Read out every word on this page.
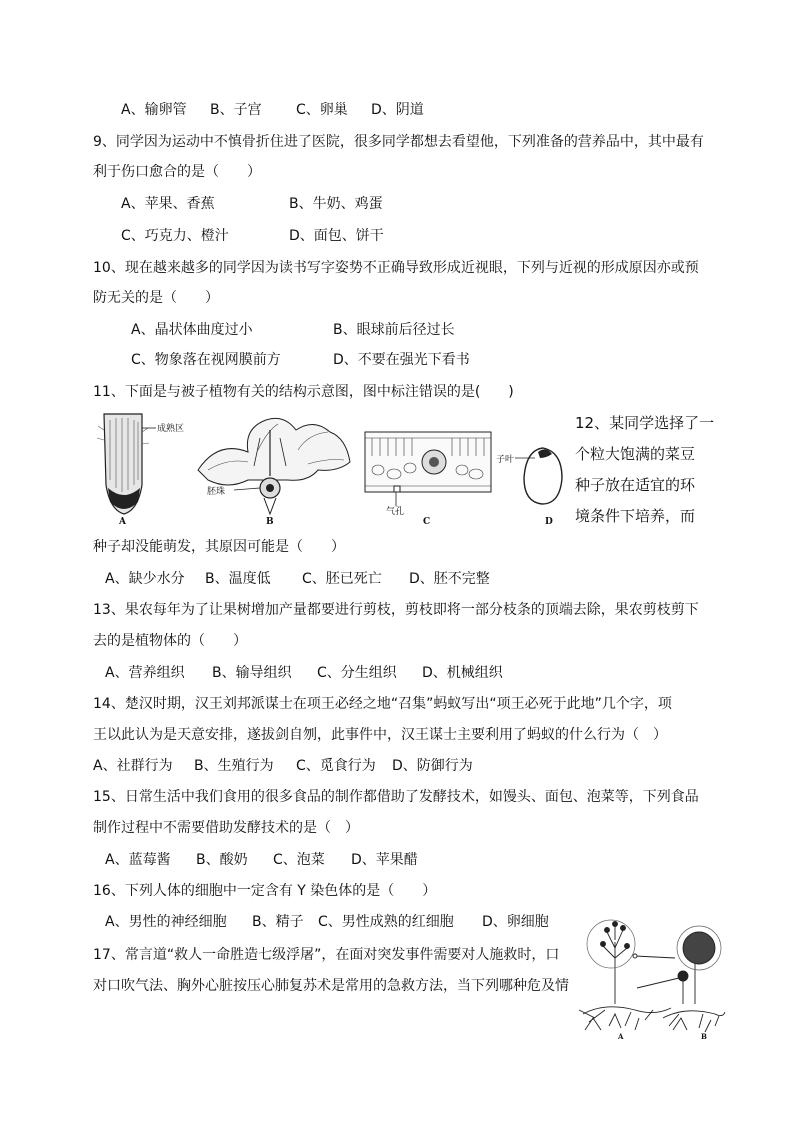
A、输卵管 B、子宫 C、卵巢 D、阴道
9、同学因为运动中不慎骨折住进了医院，很多同学都想去看望他，下列准备的营养品中，其中最有
利于伤口愈合的是（　　）
A、苹果、香蕉	B、牛奶、鸡蛋
C、巧克力、橙汁	D、面包、饼干
10、现在越来越多的同学因为读书写字姿势不正确导致形成近视眼，下列与近视的形成原因亦或预
防无关的是（　　）
A、晶状体曲度过小	B、眼球前后径过长
C、物象落在视网膜前方	D、不要在强光下看书
11、下面是与被子植物有关的结构示意图，图中标注错误的是(　　)
成熟区
A
胚珠
B
气孔
C
子叶
D
12、某同学选择了一
个粒大饱满的菜豆
种子放在适宜的环
境条件下培养，而
种子却没能萌发，其原因可能是（　　）
A、缺少水分 B、温度低 C、胚已死亡 D、胚不完整
13、果农每年为了让果树增加产量都要进行剪枝，剪枝即将一部分枝条的顶端去除，果农剪枝剪下
去的是植物体的（　　）
A、营养组织 B、输导组织 C、分生组织 D、机械组织
14、楚汉时期，汉王刘邦派谋士在项王必经之地“召集”蚂蚁写出“项王必死于此地”几个字，项
王以此认为是天意安排，遂拔剑自刎，此事件中，汉王谋士主要利用了蚂蚁的什么行为（　）
A、社群行为 B、生殖行为 C、觅食行为 D、防御行为
15、日常生活中我们食用的很多食品的制作都借助了发酵技术，如馒头、面包、泡菜等，下列食品
制作过程中不需要借助发酵技术的是（　）
A、蓝莓酱 B、酸奶 C、泡菜 D、苹果醋
16、下列人体的细胞中一定含有 Y 染色体的是（　　）
A、男性的神经细胞 B、精子 C、男性成熟的红细胞 D、卵细胞
17、常言道“救人一命胜造七级浮屠”，在面对突发事件需要对人施救时，口
对口吹气法、胸外心脏按压心肺复苏术是常用的急救方法，当下列哪种危及情
A	B
